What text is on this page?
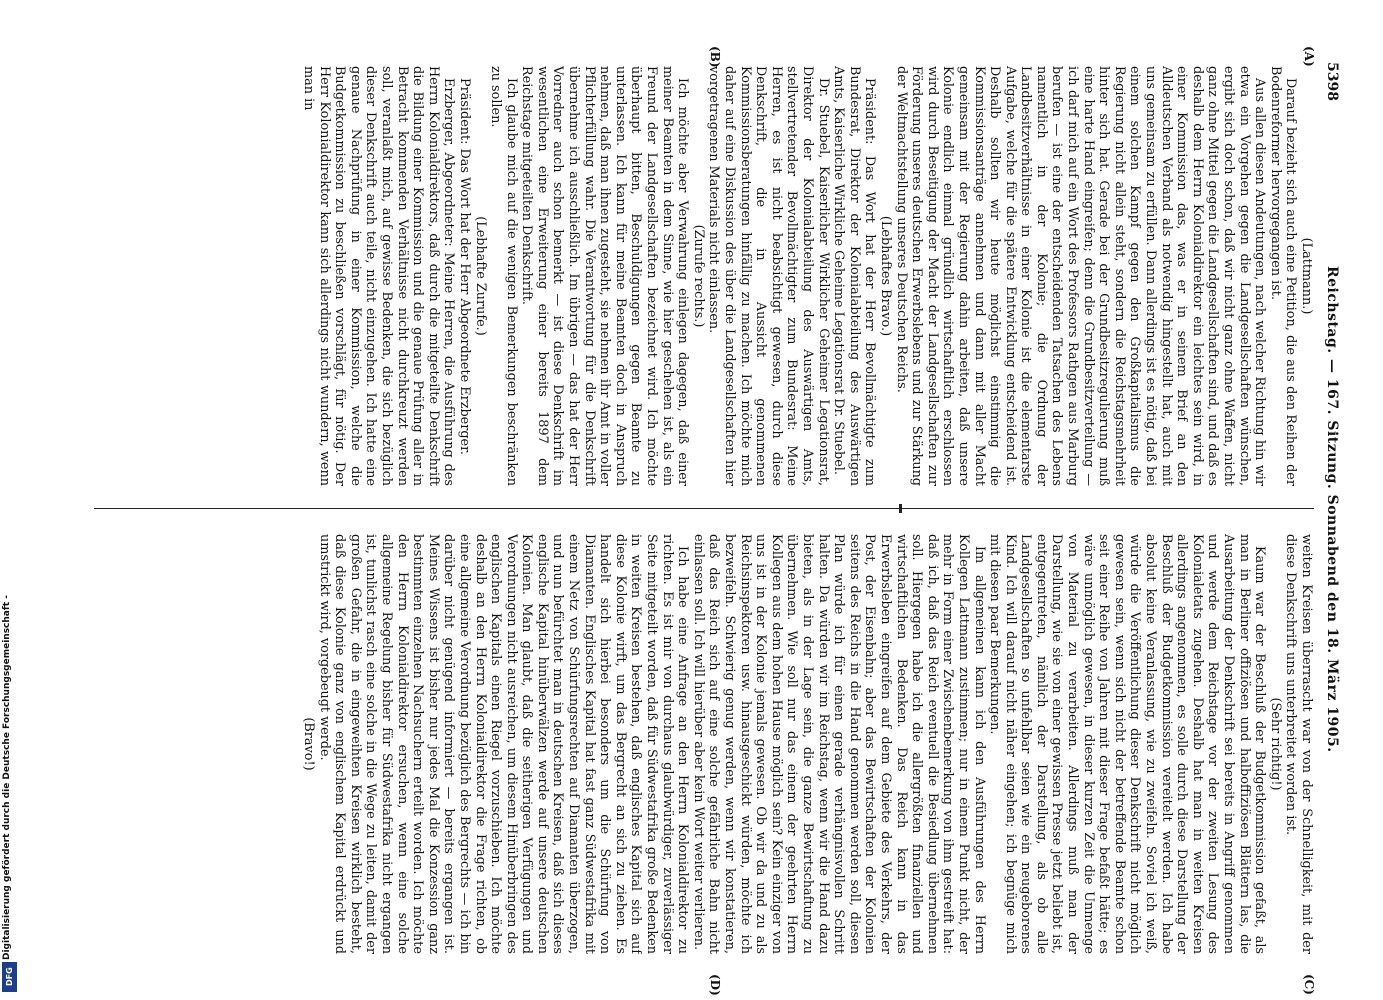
Digitalisierung gefördert durch die Deutsche Forschungsgemeinschaft -
DFG
5398
Reichstag. — 167. Sitzung. Sonnabend den 18. März 1905.
(A)
(B)
(C)
(D)

(Lattmann.)

Darauf bezieht sich auch eine Petition, die aus den Reihen der Bodenreformer hervorgegangen ist.

Aus allen diesen Andeutungen, nach welcher Richtung hin wir etwa ein Vorgehen gegen die Landgesellschaften wünschen, ergibt sich doch schon, daß wir nicht ganz ohne Waffen, nicht ganz ohne Mittel gegen die Landgesellschaften sind, und daß es deshalb dem Herrn Kolonialdirektor ein leichtes sein wird, in einer Kommission das, was er in seinem Brief an den Alldeutschen Verband als notwendig hingestellt hat, auch mit uns gemeinsam zu erfüllen. Dann allerdings ist es nötig, daß bei einem solchen Kampf gegen den Großkapitalismus die Regierung nicht allein steht, sondern die Reichstagsmehrheit hinter sich hat. Gerade bei der Grundbesitzregulierung muß eine harte Hand eingreifen; denn die Grundbesitzverteilung — ich darf mich auf ein Wort des Professors Rathgen aus Marburg berufen — ist eine der entscheidenden Tatsachen des Lebens namentlich in der Kolonie; die Ordnung der Landbesitzverhältnisse in einer Kolonie ist die elementarste Aufgabe, welche für die spätere Entwicklung entscheidend ist. Deshalb sollten wir heute möglichst einstimmig die Kommissionsanträge annehmen und dann mit aller Macht gemeinsam mit der Regierung dahin arbeiten, daß unsere Kolonie endlich einmal gründlich wirtschaftlich erschlossen wird durch Beseitigung der Macht der Landgesellschaften zur Förderung unseres deutschen Erwerbslebens und zur Stärkung der Weltmachtstellung unseres Deutschen Reichs.

(Lebhaftes Bravo.)

Präsident: Das Wort hat der Herr Bevollmächtigte zum Bundesrat, Direktor der Kolonialabteilung des Auswärtigen Amts, Kaiserliche Wirkliche Geheime Legationsrat Dr. Stuebel.

Dr. Stuebel, Kaiserlicher Wirklicher Geheimer Legationsrat, Direktor der Kolonialabteilung des Auswärtigen Amts, stellvertretender Bevollmächtigter zum Bundesrat: Meine Herren, es ist nicht beabsichtigt gewesen, durch diese Denkschrift, die in Aussicht genommenen Kommissionsberatungen hinfällig zu machen. Ich möchte mich daher auf eine Diskussion des über die Landgesellschaften hier vorgetragenen Materials nicht einlassen.

(Zurufe rechts.)

Ich möchte aber Verwahrung einlegen dagegen, daß einer meiner Beamten in dem Sinne, wie hier geschehen ist, als ein Freund der Landgesellschaften bezeichnet wird. Ich möchte überhaupt bitten, Beschuldigungen gegen Beamte zu unterlassen. Ich kann für meine Beamten doch in Anspruch nehmen, daß man ihnen zugesteht, sie nehmen ihr Amt in voller Pflichterfüllung wahr. Die Verantwortung für die Denkschrift übernehme ich ausschließlich. Im übrigen — das hat der Herr Vorredner auch schon bemerkt — ist diese Denkschrift im wesentlichen eine Erweiterung einer bereits 1897 dem Reichstage mitgeteilten Denkschrift.

Ich glaube mich auf die wenigen Bemerkungen beschränken zu sollen.

(Lebhafte Zurufe.)

Präsident: Das Wort hat der Herr Abgeordnete Erzberger.

Erzberger, Abgeordneter: Meine Herren, die Ausführung des Herrn Kolonialdirektors, daß durch die mitgeteilte Denkschrift die Bildung einer Kommission und die genaue Prüfung aller in Betracht kommenden Verhältnisse nicht durchkreuzt werden soll, veranlaßt mich, auf gewisse Bedenken, die sich bezüglich dieser Denkschrift auch teile, nicht einzugehen. Ich hatte eine genaue Nachprüfung in einer Kommission, welche die Budgetkommission zu beschließen vorschlägt, für nötig. Der Herr Kolonialdirektor kann sich allerdings nicht wundern, wenn man in

weiten Kreisen überrascht war von der Schnelligkeit, mit der diese Denkschrift uns unterbreitet worden ist.

(Sehr richtig!)

Kaum war der Beschluß der Budgetkommission gefaßt, als man in Berliner offiziösen und halboffiziösen Blättern las, die Ausarbeitung der Denkschrift sei bereits in Angriff genommen und werde dem Reichstage vor der zweiten Lesung des Kolonialetats zugehen. Deshalb hat man in weiten Kreisen allerdings angenommen, es solle durch diese Darstellung der Beschluß der Budgetkommission vereitelt werden. Ich habe absolut keine Veranlassung, wie zu zweifeln. Soviel ich weiß, würde die Veröffentlichung dieser Denkschrift nicht möglich gewesen sein, wenn sich nicht der betreffende Beamte schon seit einer Reihe von Jahren mit dieser Frage befaßt hätte; es wäre unmöglich gewesen, in dieser kurzen Zeit die Unmenge von Material zu verarbeiten. Allerdings muß man der Darstellung, wie sie von einer gewissen Presse jetzt beliebt ist, entgegentreten, nämlich der Darstellung, als ob alle Landgesellschaften so unfehlbar seien wie ein neugeborenes Kind. Ich will darauf nicht näher eingehen; ich begnüge mich mit diesen paar Bemerkungen.

Im allgemeinen kann ich den Ausführungen des Herrn Kollegen Lattmann zustimmen; nur in einem Punkt nicht, der mehr in Form einer Zwischenbemerkung von ihm gestreift hat: daß ich, daß das Reich eventuell die Besiedlung übernehmen soll. Hiergegen habe ich die allergrößten finanziellen und wirtschaftlichen Bedenken. Das Reich kann in das Erwerbsleben eingreifen auf dem Gebiete des Verkehrs, der Post, der Eisenbahn; aber das Bewirtschaften der Kolonien seitens des Reichs in die Hand genommen werden soll, diesen Plan würde ich für einen gerade verhängnisvollen Schritt halten. Da würden wir im Reichstag, wenn wir die Hand dazu bieten, als in der Lage sein, die ganze Bewirtschaftung zu übernehmen. Wie soll nur das einem der geehrten Herrn Kollegen aus dem hohen Hause möglich sein? Kein einziger von uns ist in der Kolonie jemals gewesen. Ob wir da und zu als Reichsinspektoren usw. hinausgeschickt würden, möchte ich bezweifeln. Schwierig genug werden, wenn wir konstatieren, daß das Reich sich auf eine solche gefährliche Bahn nicht einlassen soll. Ich will hierüber aber kein Wort weiter verlieren.

Ich habe eine Anfrage an den Herrn Kolonialdirektor zu richten. Es ist mir von durchaus glaubwürdiger, zuverlässiger Seite mitgeteilt worden, daß für Südwestafrika große Bedenken in weiten Kreisen bestehen, daß englisches Kapital sich auf diese Kolonie wirft, um das Bergrecht an sich zu ziehen. Es handelt sich hierbei besonders um die Schürfung von Diamanten. Englisches Kapital hat fast ganz Südwestafrika mit einem Netz von Schürfungsrechten auf Diamanten überzogen, und nun befürchtet man in deutschen Kreisen, daß sich dieses englische Kapital hinüberwälzen werde auf unsere deutschen Kolonien. Man glaubt, daß die seitherigen Verfügungen und Verordnungen nicht ausreichen, um diesem Hinüberbringen des englischen Kapitals einen Riegel vorzuschieben. Ich möchte deshalb an den Herrn Kolonialdirektor die Frage richten, ob eine allgemeine Verordnung bezüglich des Bergrechts — ich bin darüber nicht genügend informiert — bereits ergangen ist. Meines Wissens ist bisher nur jedes Mal die Konzession ganz bestimmten einzelnen Nachsuchern erteilt worden. Ich möchte den Herrn Kolonialdirektor ersuchen, wenn eine solche allgemeine Regelung bisher für Südwestafrika nicht ergangen ist, tunlichst rasch eine solche in die Wege zu leiten, damit der großen Gefahr, die in eingeweihten Kreisen wirklich besteht, daß diese Kolonie ganz von englischem Kapital erdrückt und umstrickt wird, vorgebeugt werde.

(Bravo!)
